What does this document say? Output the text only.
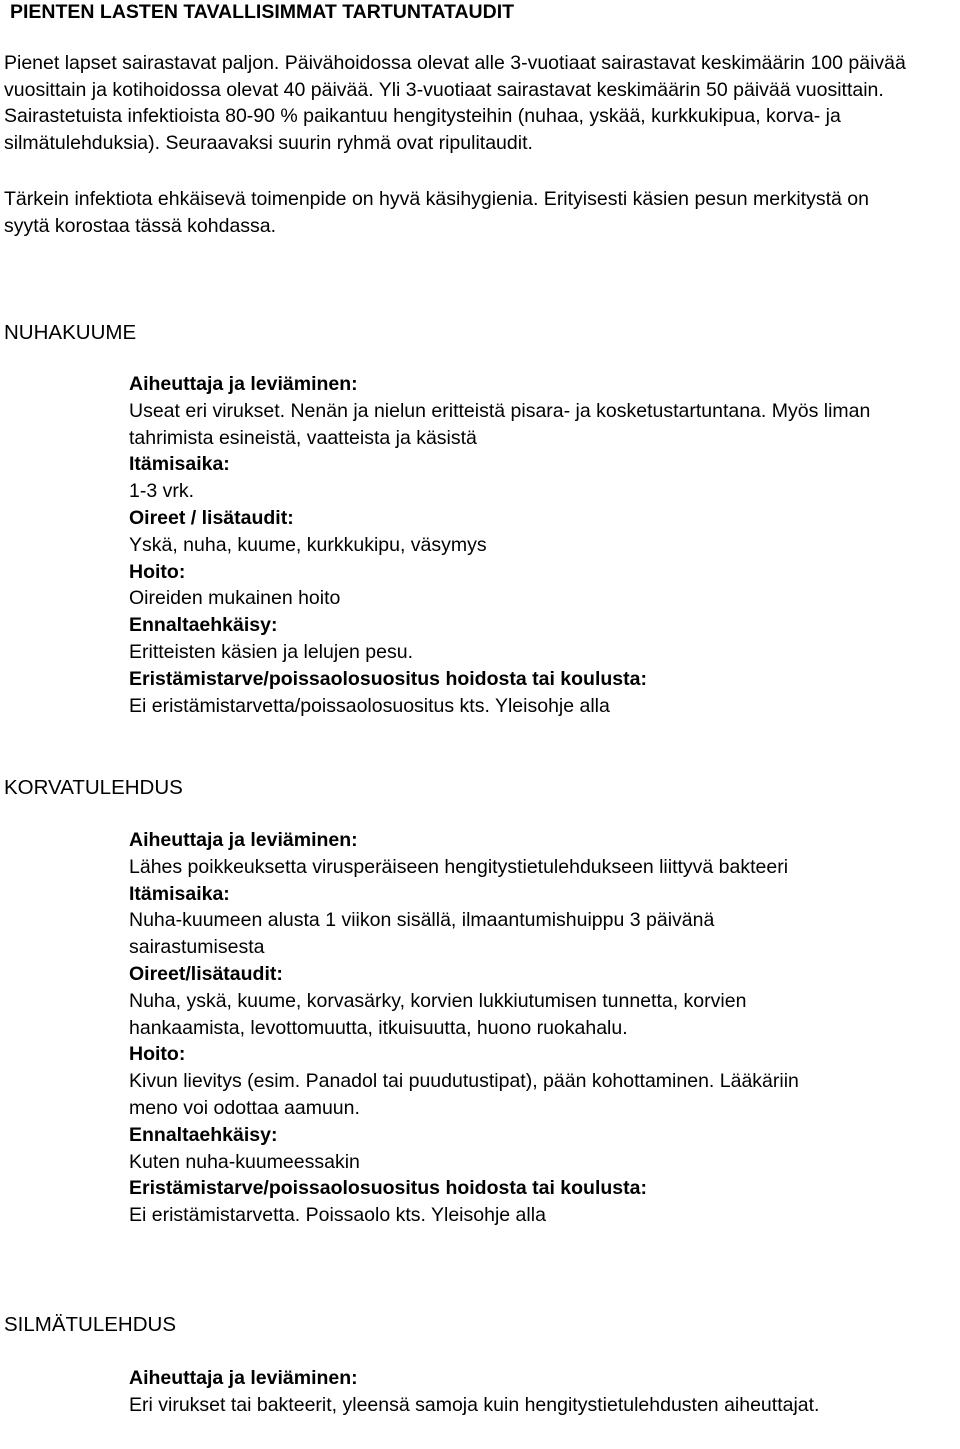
PIENTEN LASTEN TAVALLISIMMAT TARTUNTATAUDIT

Pienet lapset sairastavat paljon. Päivähoidossa olevat alle 3-vuotiaat sairastavat keskimäärin 100 päivää vuosittain ja kotihoidossa olevat 40 päivää. Yli 3-vuotiaat sairastavat keskimäärin 50 päivää vuosittain. Sairastetuista infektioista 80-90 % paikantuu hengitysteihin (nuhaa, yskää, kurkkukipua, korva- ja silmätulehduksia). Seuraavaksi suurin ryhmä ovat ripulitaudit.

Tärkein infektiota ehkäisevä toimenpide on hyvä käsihygienia. Erityisesti käsien pesun merkitystä on syytä korostaa tässä kohdassa.

NUHAKUUME
Aiheuttaja ja leviäminen:
Useat eri virukset. Nenän ja nielun eritteistä pisara- ja kosketustartuntana. Myös liman tahrimista esineistä, vaatteista ja käsistä
Itämisaika:
1-3 vrk.
Oireet / lisätaudit:
Yskä, nuha, kuume, kurkkukipu, väsymys
Hoito:
Oireiden mukainen hoito
Ennaltaehkäisy:
Eritteisten käsien ja lelujen pesu.
Eristämistarve/poissaolosuositus hoidosta tai koulusta:
Ei eristämistarvetta/poissaolosuositus kts. Yleisohje alla
KORVATULEHDUS
Aiheuttaja ja leviäminen:
Lähes poikkeuksetta virusperäiseen hengitystietulehdukseen liittyvä bakteeri
Itämisaika:
Nuha-kuumeen alusta 1 viikon sisällä, ilmaantumishuippu 3 päivänä sairastumisesta
Oireet/lisätaudit:
Nuha, yskä, kuume, korvasärky, korvien lukkiutumisen tunnetta, korvien hankaamista, levottomuutta, itkuisuutta, huono ruokahalu.
Hoito:
Kivun lievitys (esim. Panadol tai puudutustipat), pään kohottaminen. Lääkäriin meno voi odottaa aamuun.
Ennaltaehkäisy:
Kuten nuha-kuumeessakin
Eristämistarve/poissaolosuositus hoidosta tai koulusta:
Ei eristämistarvetta. Poissaolo kts. Yleisohje alla
SILMÄTULEHDUS
Aiheuttaja ja leviäminen:
Eri virukset tai bakteerit, yleensä samoja kuin hengitystietulehdusten aiheuttajat.
